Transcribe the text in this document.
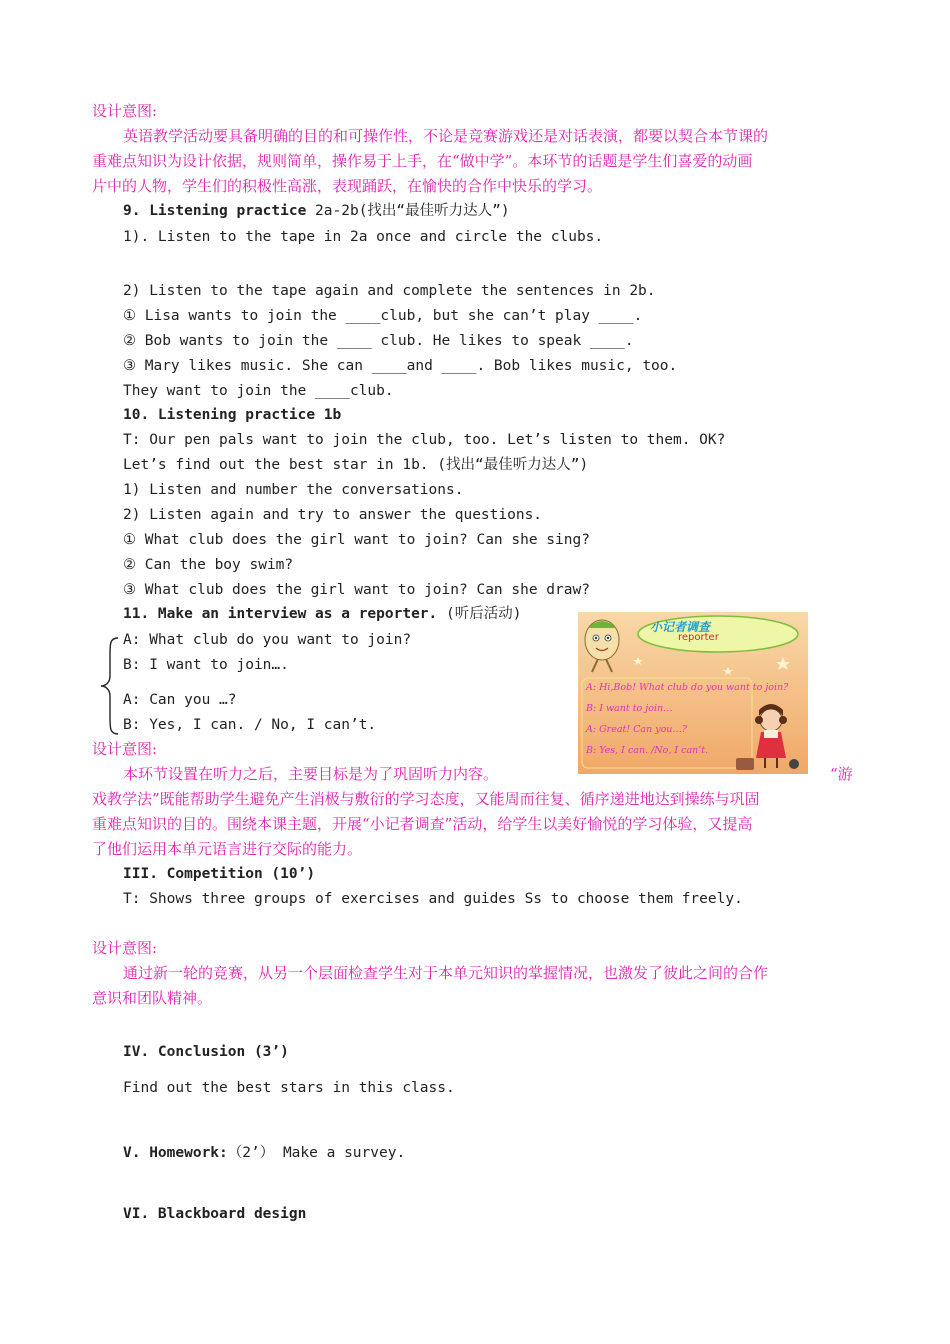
设计意图:
英语教学活动要具备明确的目的和可操作性，不论是竞赛游戏还是对话表演，都要以契合本节课的
重难点知识为设计依据，规则简单，操作易于上手，在“做中学”。本环节的话题是学生们喜爱的动画
片中的人物，学生们的积极性高涨，表现踊跃，在愉快的合作中快乐的学习。
9. Listening practice 2a-2b(找出“最佳听力达人”)
1). Listen to the tape in 2a once and circle the clubs.
2) Listen to the tape again and complete the sentences in 2b.
① Lisa wants to join the ____club, but she can’t play ____.
② Bob wants to join the ____ club. He likes to speak ____.
③ Mary likes music. She can ____and ____. Bob likes music, too.
They want to join the ____club.
10. Listening practice 1b
T: Our pen pals want to join the club, too. Let’s listen to them. OK?
Let’s find out the best star in 1b. (找出“最佳听力达人”)
1) Listen and number the conversations.
2) Listen again and try to answer the questions.
① What club does the girl want to join? Can she sing?
② Can the boy swim?
③ What club does the girl want to join? Can she draw?
11. Make an interview as a reporter. (听后活动)
A: What club do you want to join?
B: I want to join….
A: Can you …?
B: Yes, I can. / No, I can’t.
小记者调查
reporter
A: Hi,Bob! What club do you want to join?
B: I want to join…
A: Great! Can you…?
B: Yes, I can. /No, I can’t.
设计意图:
本环节设置在听力之后，主要目标是为了巩固听力内容。	“游
戏教学法”既能帮助学生避免产生消极与敷衍的学习态度，又能周而往复、循序递进地达到操练与巩固
重难点知识的目的。围绕本课主题，开展“小记者调查”活动，给学生以美好愉悦的学习体验，又提高
了他们运用本单元语言进行交际的能力。
III. Competition (10’)
T: Shows three groups of exercises and guides Ss to choose them freely.
设计意图:
通过新一轮的竞赛，从另一个层面检查学生对于本单元知识的掌握情况，也激发了彼此之间的合作
意识和团队精神。
IV. Conclusion (3’)
Find out the best stars in this class.
V. Homework:（2’） Make a survey.
VI. Blackboard design
